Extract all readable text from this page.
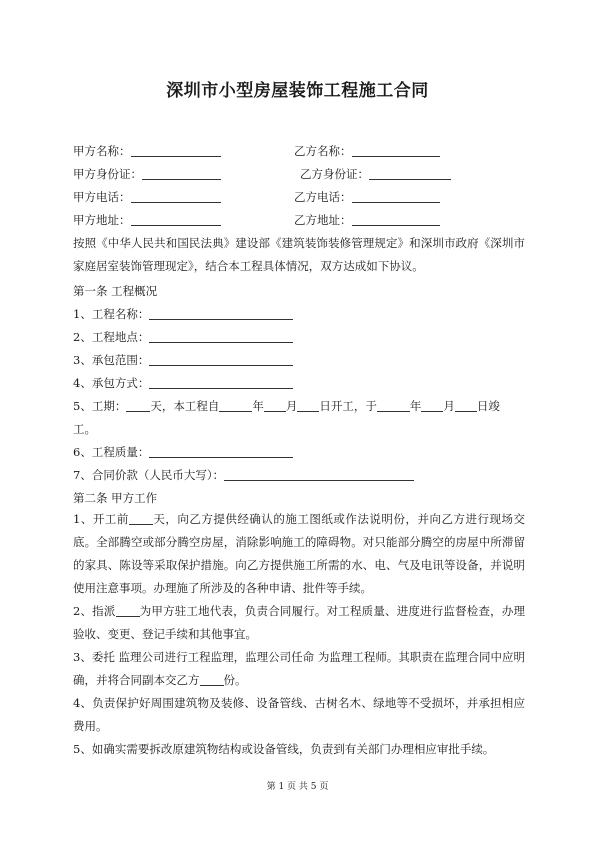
深圳市小型房屋装饰工程施工合同
甲方名称：	乙方名称：
甲方身份证：	乙方身份证：
甲方电话：	乙方电话：
甲方地址：	乙方地址：
按照《中华人民共和国民法典》建设部《建筑装饰装修管理规定》和深圳市政府《深圳市家庭居室装饰管理现定》，结合本工程具体情况，双方达成如下协议。
第一条 工程概况
1、工程名称：
2、工程地点：
3、承包范围：
4、承包方式：
5、工期： 天，本工程自	年 月 日开工，于	年 月 日竣
工。
6、工程质量：
7、合同价款（人民币大写）：
第二条 甲方工作
1、开工前 天，向乙方提供经确认的施工图纸或作法说明份，并向乙方进行现场交底。全部腾空或部分腾空房屋，消除影响施工的障碍物。对只能部分腾空的房屋中所滞留的家具、陈设等采取保护措施。向乙方提供施工所需的水、电、气及电讯等设备，并说明使用注意事项。办理施了所涉及的各种申请、批件等手续。
2、指派 为甲方驻工地代表，负责合同履行。对工程质量、进度进行监督检查，办理验收、变更、登记手续和其他事宜。
3、委托 监理公司进行工程监理，监理公司任命 为监理工程师。其职责在监理合同中应明确，并将合同副本交乙方 份。
4、负责保护好周围建筑物及装修、设备管线、古树名木、绿地等不受损坏，并承担相应费用。
5、如确实需要拆改原建筑物结构或设备管线，负责到有关部门办理相应审批手续。
第 1 页 共 5 页
